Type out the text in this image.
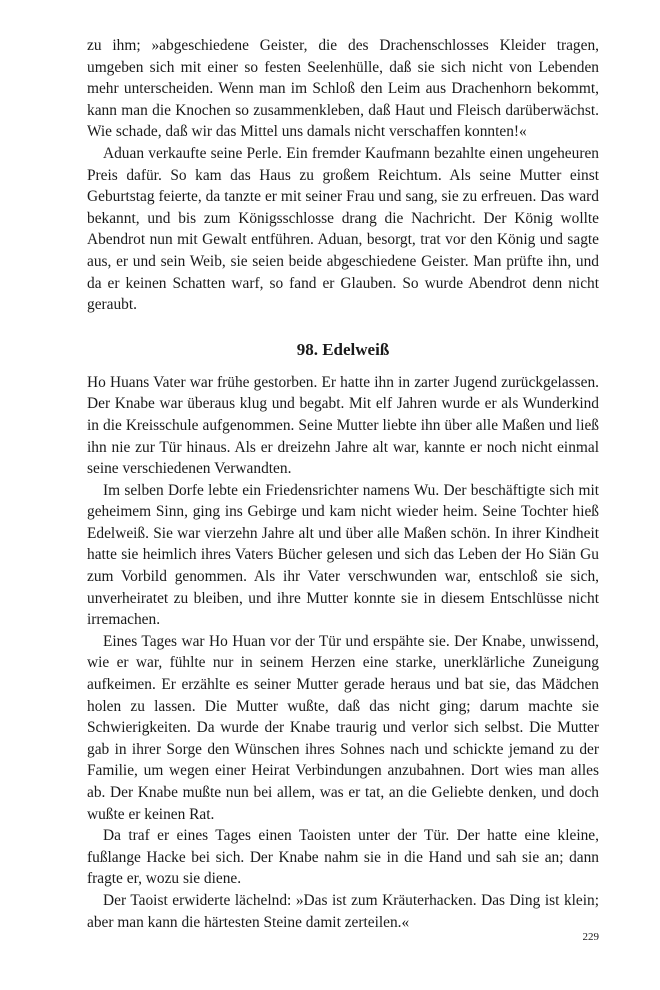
zu ihm; »abgeschiedene Geister, die des Drachenschlosses Kleider tragen, umgeben sich mit einer so festen Seelenhülle, daß sie sich nicht von Lebenden mehr unterscheiden. Wenn man im Schloß den Leim aus Drachenhorn bekommt, kann man die Knochen so zusammenkleben, daß Haut und Fleisch darüberwächst. Wie schade, daß wir das Mittel uns damals nicht verschaffen konnten!«

Aduan verkaufte seine Perle. Ein fremder Kaufmann bezahlte einen ungeheuren Preis dafür. So kam das Haus zu großem Reichtum. Als seine Mutter einst Geburtstag feierte, da tanzte er mit seiner Frau und sang, sie zu erfreuen. Das ward bekannt, und bis zum Königsschlosse drang die Nachricht. Der König wollte Abendrot nun mit Gewalt entführen. Aduan, besorgt, trat vor den König und sagte aus, er und sein Weib, sie seien beide abgeschiedene Geister. Man prüfte ihn, und da er keinen Schatten warf, so fand er Glauben. So wurde Abendrot denn nicht geraubt.

98. Edelweiß

Ho Huans Vater war frühe gestorben. Er hatte ihn in zarter Jugend zurückgelassen. Der Knabe war überaus klug und begabt. Mit elf Jahren wurde er als Wunderkind in die Kreisschule aufgenommen. Seine Mutter liebte ihn über alle Maßen und ließ ihn nie zur Tür hinaus. Als er dreizehn Jahre alt war, kannte er noch nicht einmal seine verschiedenen Verwandten.

Im selben Dorfe lebte ein Friedensrichter namens Wu. Der beschäftigte sich mit geheimem Sinn, ging ins Gebirge und kam nicht wieder heim. Seine Tochter hieß Edelweiß. Sie war vierzehn Jahre alt und über alle Maßen schön. In ihrer Kindheit hatte sie heimlich ihres Vaters Bücher gelesen und sich das Leben der Ho Siän Gu zum Vorbild genommen. Als ihr Vater verschwunden war, entschloß sie sich, unverheiratet zu bleiben, und ihre Mutter konnte sie in diesem Entschlüsse nicht irremachen.

Eines Tages war Ho Huan vor der Tür und erspähte sie. Der Knabe, unwissend, wie er war, fühlte nur in seinem Herzen eine starke, unerklärliche Zuneigung aufkeimen. Er erzählte es seiner Mutter gerade heraus und bat sie, das Mädchen holen zu lassen. Die Mutter wußte, daß das nicht ging; darum machte sie Schwierigkeiten. Da wurde der Knabe traurig und verlor sich selbst. Die Mutter gab in ihrer Sorge den Wünschen ihres Sohnes nach und schickte jemand zu der Familie, um wegen einer Heirat Verbindungen anzubahnen. Dort wies man alles ab. Der Knabe mußte nun bei allem, was er tat, an die Geliebte denken, und doch wußte er keinen Rat.

Da traf er eines Tages einen Taoisten unter der Tür. Der hatte eine kleine, fußlange Hacke bei sich. Der Knabe nahm sie in die Hand und sah sie an; dann fragte er, wozu sie diene.

Der Taoist erwiderte lächelnd: »Das ist zum Kräuterhacken. Das Ding ist klein; aber man kann die härtesten Steine damit zerteilen.«

229
